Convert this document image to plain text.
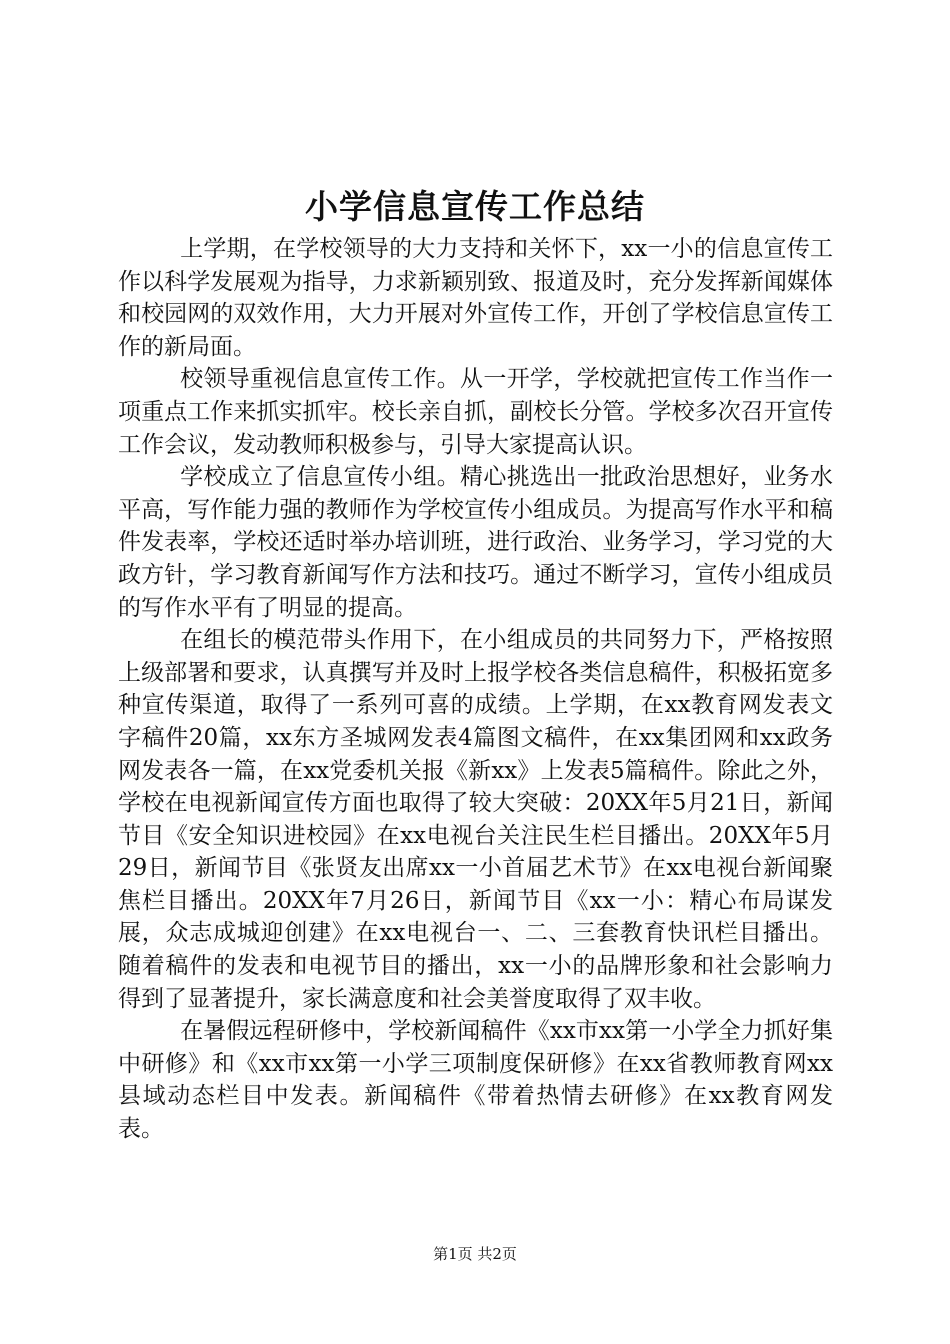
小学信息宣传工作总结

上学期，在学校领导的大力支持和关怀下，xx一小的信息宣传工作以科学发展观为指导，力求新颖别致、报道及时，充分发挥新闻媒体和校园网的双效作用，大力开展对外宣传工作，开创了学校信息宣传工作的新局面。

校领导重视信息宣传工作。从一开学，学校就把宣传工作当作一项重点工作来抓实抓牢。校长亲自抓，副校长分管。学校多次召开宣传工作会议，发动教师积极参与，引导大家提高认识。

学校成立了信息宣传小组。精心挑选出一批政治思想好，业务水平高，写作能力强的教师作为学校宣传小组成员。为提高写作水平和稿件发表率，学校还适时举办培训班，进行政治、业务学习，学习党的大政方针，学习教育新闻写作方法和技巧。通过不断学习，宣传小组成员的写作水平有了明显的提高。

在组长的模范带头作用下，在小组成员的共同努力下，严格按照上级部署和要求，认真撰写并及时上报学校各类信息稿件，积极拓宽多种宣传渠道，取得了一系列可喜的成绩。上学期，在xx教育网发表文字稿件20篇，xx东方圣城网发表4篇图文稿件，在xx集团网和xx政务网发表各一篇，在xx党委机关报《新xx》上发表5篇稿件。除此之外，学校在电视新闻宣传方面也取得了较大突破：20XX年5月21日，新闻节目《安全知识进校园》在xx电视台关注民生栏目播出。20XX年5月29日，新闻节目《张贤友出席xx一小首届艺术节》在xx电视台新闻聚焦栏目播出。20XX年7月26日，新闻节目《xx一小：精心布局谋发展，众志成城迎创建》在xx电视台一、二、三套教育快讯栏目播出。随着稿件的发表和电视节目的播出，xx一小的品牌形象和社会影响力得到了显著提升，家长满意度和社会美誉度取得了双丰收。

在暑假远程研修中，学校新闻稿件《xx市xx第一小学全力抓好集中研修》和《xx市xx第一小学三项制度保研修》在xx省教师教育网xx县域动态栏目中发表。新闻稿件《带着热情去研修》在xx教育网发表。

第1页 共2页
